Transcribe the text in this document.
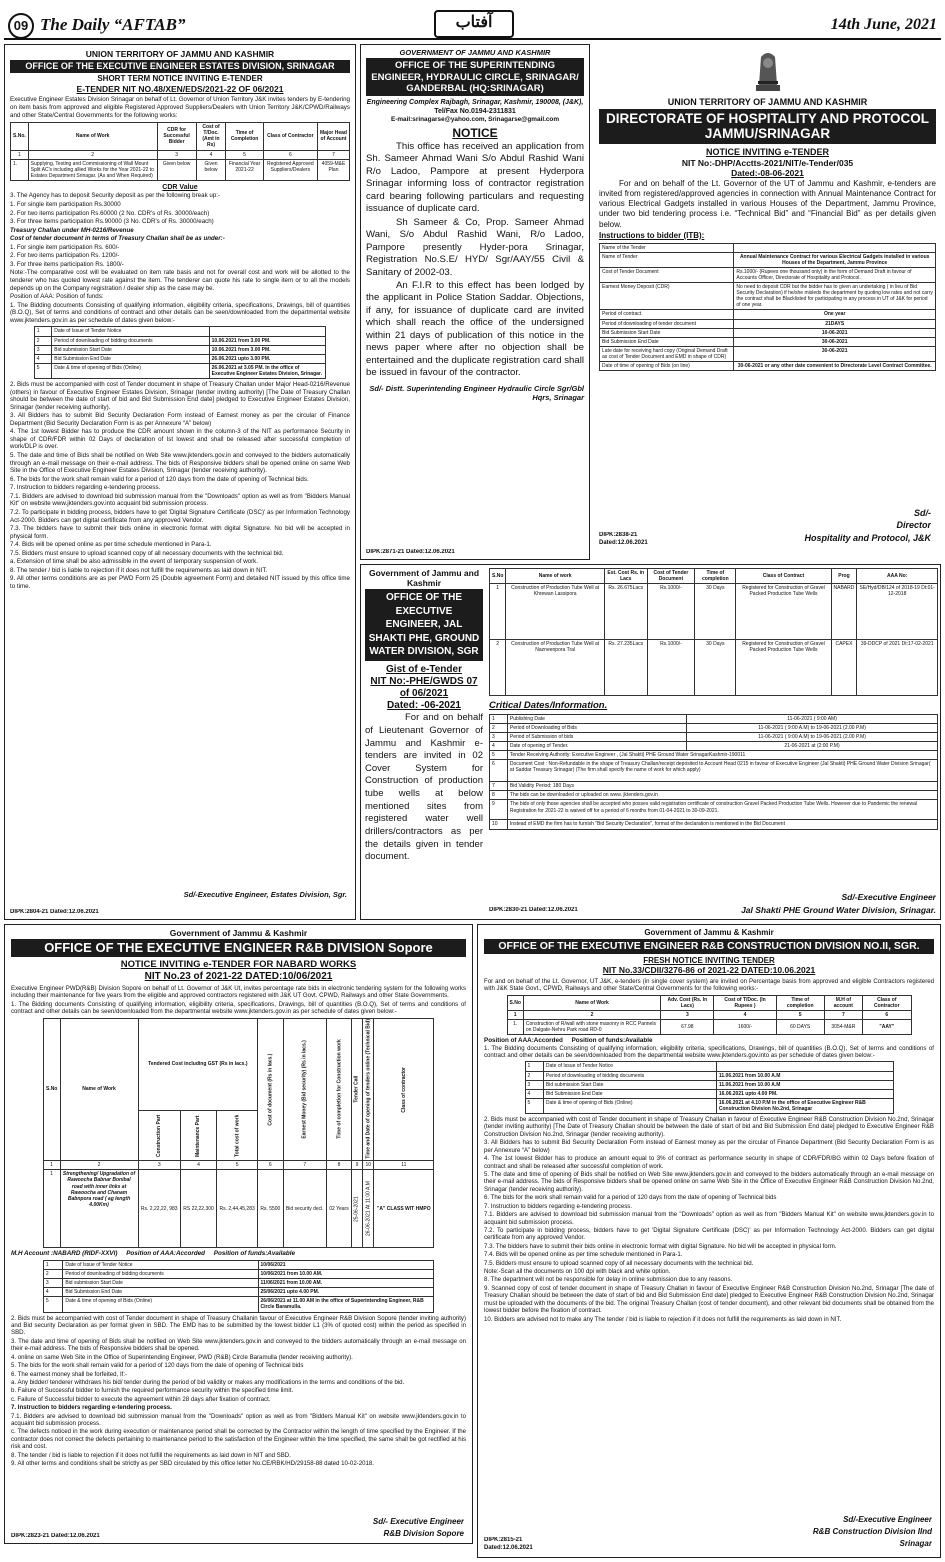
09 The Daily “AFTAB”	آفتاب	14th June, 2021
UNION TERRITORY OF JAMMU AND KASHMIR
OFFICE OF THE EXECUTIVE ENGINEER ESTATES DIVISION, SRINAGAR
SHORT TERM NOTICE INVITING E-TENDER
E-TENDER NIT NO.48/XEN/EDS/2021-22 OF 06/2021
Executive Engineer Estates Division Srinagar on behalf of Lt. Governor of Union Territory J&K invites tenders by E-tendering on item basis from approved and eligible Registered Approved Suppliers/Dealers with Union Territory J&K/CPWD/Railways and other State/Central Governments for the following works:
S.No.	Name of Work	CDR for Successful Bidder	Cost of T/Doc. (Amt in Rs)	Time of Completion	Class of Contractor	Major Head of Account
1	2	3	4	5	6	7
1.	Supplying, Testing and Commissioning of Wall Mount Split AC's including allied Works for the Year 2021-22 to Estates Department Srinagar. (As and When Required)	Given below	Given below	Financial Year 2021-22	Registered Approved Suppliers/Dealers	4059-M&E Plan
CDR Value
3. The Agency has to deposit Security deposit as per the following break up:-
1. For single item participation Rs.30000
2. For two items participation Rs.60000 (2 No. CDR's of Rs. 30000/each)
3. For three items participation Rs.90000 (3 No. CDR's of Rs. 30000/each)
Treasury Challan under MH-0216/Revenue
Cost of tender document in terms of Treasury Challan shall be as under:-
1. For single item participation Rs. 600/-
2. For two items participation Rs. 1200/-
3. For three items participation Rs. 1800/-
Note:-The comparative cost will be evaluated on item rate basis and not for overall cost and work will be allotted to the tenderer who has quoted lowest rate against the item. The tenderer can quote his rate to single item or to all the models depends up on the Company registration / dealer ship as the case may be.
Position of AAA: Position of funds:
1. The Bidding documents Consisting of qualifying information, eligibility criteria, specifications, Drawings, bill of quantities (B.O.Q), Set of terms and conditions of contract and other details can be seen/downloaded from the departmental website www.jktenders.gov.in as per schedule of dates given below:-
1	Date of Issue of Tender Notice	
2	Period of downloading of bidding documents	10.06.2021 from 3.00 PM.
3	Bid submission Start Date	10.06.2021 from 3.00 PM.
4	Bid Submission End Date	26.06.2021 upto 3.00 PM.
5	Date & time of opening of Bids (Online)	26.06.2021 at 3.05 PM. In the office of Executive Engineer Estates Division, Srinagar.
2. Bids must be accompanied with cost of Tender document in shape of Treasury Challan under Major Head-0216/Revenue (others) in favour of Executive Engineer Estates Division, Srinagar (tender inviting authority) [The Date of Treasury Challan should be between the date of start of bid and Bid Submission End date] pledged to Executive Engineer Estates Division, Srinagar (tender receiving authority).
3. All Bidders has to submit Bid Security Declaration Form instead of Earnest money as per the circular of Finance Department (Bid Security Declaration Form is as per Annexure “A” below)
4. The 1st lowest Bidder has to produce the CDR amount shown in the column-3 of the NIT as performance Security in shape of CDR/FDR within 02 Days of declaration of Ist lowest and shall be released after successful completion of work/DLP is over.
5. The date and time of Bids shall be notified on Web Site www.jktenders.gov.in and conveyed to the bidders automatically through an e-mail message on their e-mail address. The bids of Responsive bidders shall be opened online on same Web Site in the Office of Executive Engineer Estates Division, Srinagar (tender receiving authority).
6. The bids for the work shall remain valid for a period of 120 days from the date of opening of Technical bids.
7. Instruction to bidders regarding e-tendering process.
7.1. Bidders are advised to download bid submission manual from the "Downloads" option as well as from "Bidders Manual Kit" on website www.jktenders.gov.into acquaint bid submission process.
7.2. To participate in bidding process, bidders have to get 'Digital Signature Certificate (DSC)' as per Information Technology Act-2000. Bidders can get digital certificate from any approved Vendor.
7.3. The bidders have to submit their bids online in electronic format with digital Signature. No bid will be accepted in physical form.
7.4. Bids will be opened online as per time schedule mentioned in Para-1.
7.5. Bidders must ensure to upload scanned copy of all necessary documents with the technical bid.
a. Extension of time shall be also admissible in the event of temporary suspension of work.
8. The tender / bid is liable to rejection if it does not fulfill the requirements as laid down in NIT.
9. All other terms conditions are as per PWD Form 25 (Double agreement Form) and detailed NIT issued by this office time to time.
Sd/-Executive Engineer, Estates Division, Sgr.
DIPK:2804-21 Dated:12.06.2021
GOVERNMENT OF JAMMU AND KASHMIR
OFFICE OF THE SUPERINTENDING ENGINEER, HYDRAULIC CIRCLE, SRINAGAR/ GANDERBAL (HQ:SRINAGAR)
Engineering Complex Rajbagh, Srinagar, Kashmir, 190008, (J&K),
Tel/Fax No.0194-2311831
E-mail:srinagarse@yahoo.com, Srinagarse@gmail.com
NOTICE
This office has received an application from Sh. Sameer Ahmad Wani S/o Abdul Rashid Wani R/o Ladoo, Pampore at present Hyderpora Srinagar informing loss of contractor registration card bearing following particulars and requesting issuance of duplicate card.
Sh Sameer & Co, Prop. Sameer Ahmad Wani, S/o Abdul Rashid Wani, R/o Ladoo, Pampore presently Hyder-pora Srinagar, Registration No.S.E/ HYD/ Sgr/AAY/55 Civil & Sanitary of 2002-03.
An F.I.R to this effect has been lodged by the applicant in Police Station Saddar. Objections, if any, for issuance of duplicate card are invited which shall reach the office of the undersigned within 21 days of publication of this notice in the news paper where after no objection shall be entertained and the duplicate registration card shall be issued in favour of the contractor.
Sd/- Distt. Superintending Engineer Hydraulic Circle Sgr/Gbl Hqrs, Srinagar
DIPK:2871-21 Dated:12.06.2021
UNION TERRITORY OF JAMMU AND KASHMIR
DIRECTORATE OF HOSPITALITY AND PROTOCOL JAMMU/SRINAGAR
NOTICE INVITING e-TENDER
NIT No:-DHP/Acctts-2021/NIT/e-Tender/035
Dated:-08-06-2021
For and on behalf of the Lt. Governor of the UT of Jammu and Kashmir, e-tenders are invited from registered/approved agencies in connection with Annual Maintenance Contract for various Electrical Gadgets installed in various Houses of the Department, Jammu Province, under two bid tendering process i.e. “Technical Bid” and “Financial Bid” as per details given below.
Instructions to bidder (ITB):
Name of the Tender	
Name of Tender	Annual Maintenance Contract for various Electrical Gadgets installed in various Houses of the Department, Jammu Province
Cost of Tender Document	Rs.1000/- (Rupees one thousand only) in the form of Demand Draft in favour of Accounts Officer, Directorate of Hospitality and Protocol.
Earnest Money Deposit (CDR)	No need to deposit CDR but the bidder has to given an undertaking ( in lieu of Bid Security Declaration) if he/she misleds the department by quoting low rates and not carry the contract shall be Blacklisted for participating in any process in UT of J&K for period of one year.
Period of contract	One year
Period of downloading of tender document	21DAYS
Bid Submission Start Date	10-06-2021
Bid Submission End Date	30-06-2021
Late date for receiving hard copy (Original Demand Draft as cost of Tender Document and EMD in shape of CDR)	30-06-2021
Date of time of opening of Bids (on line)	30-06-2021 or any other date convenient to Directorate Level Contract Committee.
Sd/-
Director
Hospitality and Protocol, J&K
DIPK:2838-21 Dated:12.06.2021
Government of Jammu and Kashmir
OFFICE OF THE EXECUTIVE ENGINEER, JAL SHAKTI PHE, GROUND WATER DIVISION, SGR
Gist of e-Tender
NIT No:-PHE/GWDS 07 of 06/2021
Dated: -06-2021
For and on behalf of Lieutenant Governor of Jammu and Kashmir e-tenders are invited in 02 Cover System for Construction of production tube wells at below mentioned sites from registered water well drillers/contractors as per the details given in tender document.
S.No	Name of work	Est. Cost Rs. in Lacs	Cost of Tender Document	Time of completion	Class of Contract	Prog	AAA No:
1	Construction of Production Tube Well at Khrewan Lassipora	Rs. 26.675Lacs	Rs.1000/-	30 Days	Registered for Construction of Gravel Packed Production Tube Wells	NABARD	SE/Hyd/DB/124 of 2018-19 Dt:01-12-2018
2	Construction of Production Tube Well at Nazneenpora Tral	Rs. 27.235Lacs	Rs.1000/-	30 Days	Registered for Construction of Gravel Packed Production Tube Wells	CAPEX	39-DDCP of 2021 Dt:17-02-2021
Critical Dates/Information.
1	Publishing Date	11-06-2021 ( 9:00 AM)
2	Period of Downloading of Bids	11-06-2021 ( 9:00 A.M) to 19-06-2021 (2.00 P.M)
3	Period of Submission of bids	11-06-2021 ( 9:00 A.M) to 19-06-2021 (2.00 P.M)
4	Date of opening of Tender.	21-06-2021 at (2:00 P.M)
5	Tender Receiving Authority: Executive Engineer , (Jal Shakti) PHE Ground Water SrinagarKashmir-190011	
6	Document Cost : Non-Refundable in the shape of Treasury Challan/receipt deposited to Account Head 0215 in favour of Executive Engineer (Jal Shakti) PHE Ground Water Division Srinagar( at Saddar Treasury Srinagar) (The firm shall specify the name of work for which apply)	
7	Bid Validity Period: 180 Days	
8	The bids can be downloaded or uploaded on www. jktenders.gov.in	
9	The bids of only those agencies shall be accepted who posses valid registration certificate of construction Gravel Packed Production Tube Wells. However due to Pandemic the renewal Registration for 2021-22 is waived off for a period of 6 months from 01-04-2021 to 30-09-2021.	
10	Instead of EMD the firm has to furnish "Bid Security Declaration", format of the declaration is mentioned in the Bid Document	
Sd/-Executive Engineer
Jal Shakti PHE Ground Water Division, Srinagar.
DIPK:2830-21 Dated:12.06.2021
Government of Jammu & Kashmir
OFFICE OF THE EXECUTIVE ENGINEER R&B DIVISION Sopore
NOTICE INVITING e-TENDER FOR NABARD WORKS
NIT No.23 of 2021-22 DATED:10/06/2021
Executive Engineer PWD(R&B) Division Sopore on behalf of Lt. Governor of J&K Ut, invites percentage rate bids in electronic tendering system for the following works including their maintenance for five years from the eligible and approved contractors registered with J&K UT Govt. CPWD, Railways and other State Governments.
1. The Bidding documents Consisting of qualifying information, eligibility criteria, specifications, Drawings, bill of quantities (B.O.Q), Set of terms and conditions of contract and other details can be seen/downloaded from the departmental website www.jktenders.gov.in as per schedule of dates given below:-
S.No	Name of Work	Tendered Cost including GST (Rs in lacs.)			Cost of document (Rs in lacs.)	Earnest Money (Bid security) (Rs in lacs.)	Time of completion for Construction work	Tender Call	Time and Date of opening of tenders online (Technical Bid)	Class of contractor
		Construction Part	Maintenance Part	Total cost of work						
1	2	3	4	5	6	7	8	9	10	11
1	Strengthening/ Upgradation of Rawoocha Babnar Bonibal road with inner links at Rawoocha and Chanam Babnpora road ( ag length 4.00Km)	Rs. 2,22,22, 983	RS 22,22,300	Rs. 2,44,45,283	Rs. 5500	Bid security decl.	02 Years	25-06-2021	26-06-2021 At 11:00 A.M	"A" CLASS WIT HMPO
M.H Account :NABARD (RIDF-XXVI)     Position of AAA:Accorded     Position of funds:Available
1	Date of Issue of Tender Notice	10/06/2021
2	Period of downloading of bidding documents	10/06/2021 from 10.00 AM.
3	Bid submission Start Date	11/06/2021 from 10.00 AM.
4	Bid Submission End Date	25/06/2021 upto 4.00 PM.
5	Date & time of opening of Bids (Online)	26/06/2021 at 11.00 AM in the office of Superintending Engineer, R&B Circle Baramulla.
2. Bids must be accompanied with cost of Tender document in shape of Treasury Challanin favour of Executive Engineer R&B Division Sopore (tender inviting authority) and Bid security Declaration as per format given in SBD. The EMD has to be submitted by the lowest bidder L1 (3% of quoted cost) within the period as specified in SBD.
3. The date and time of opening of Bids shall be notified on Web Site www.jktenders.gov.in and conveyed to the bidders automatically through an e-mail message on their e-mail address. The bids of Responsive bidders shall be opened.
4. online on same Web Site in the Office of Superintending Engineer, PWD (R&B) Circle Baramulla (tender receiving authority).
5. The bids for the work shall remain valid for a period of 120 days from the date of opening of Technical bids
6. The earnest money shall be forfeited, If:-
a. Any bidder/ tenderer withdraws his bid/ tender during the period of bid validity or makes any modifications in the terms and conditions of the bid.
b. Failure of Successful bidder to furnish the required performance security within the specified time limit.
c. Failure of Successful bidder to execute the agreement within 28 days after fixation of contract.
7. Instruction to bidders regarding e-tendering process.
7.1. Bidders are advised to download bid submission manual from the "Downloads" option as well as from "Bidders Manual Kit" on website www.jktenders.gov.in to acquaint bid submission process.
c. The defects noticed in the work during execution or maintenance period shall be corrected by the Contractor within the length of time specified by the Engineer. If the contractor does not correct the defects pertaining to maintenance period to the satisfaction of the Engineer within the time specified, the same shall be got rectified at his risk and cost.
8. The tender / bid is liable to rejection if it does not fulfill the requirements as laid down in NIT and SBD.
9. All other terms and conditions shall be strictly as per SBD circulated by this office letter No.CE/RBK/HD/29158-88 dated 10-02-2018.
Sd/- Executive Engineer
R&B Division Sopore
DIPK:2823-21 Dated:12.06.2021
Government of Jammu & Kashmir
OFFICE OF THE EXECUTIVE ENGINEER R&B CONSTRUCTION DIVISION NO.II, SGR.
FRESH NOTICE INVITING TENDER
NIT No.33/CDII/3276-86 of 2021-22 DATED:10.06.2021
For and on behalf of the Lt. Governor, UT J&K, e-tenders (in single cover system) are invited on Percentage basis from approved and eligible Contractors registered with J&K State Govt., CPWD, Railways and other State/Central Governments for the following works:-
S.No	Name of Work	Adv. Cost (Rs. In Lacs)	Cost of T/Doc. (In Rupees )	Time of completion	M.H of account	Class of Contractor
1	2	3	4	5	7	6
1.	Construction of R/wall with stone masonry in RCC Pannels on Dalgate-Nehru Park road RD-0	67.98	1600/-	60 DAYS	3054-M&R	"AAY"
Position of AAA:Accorded     Position of funds:Available
1. The Bidding documents Consisting of qualifying information, eligibility criteria, specifications, Drawings, bill of quantities (B.O.Q), Set of terms and conditions of contract and other details can be seen/downloaded from the departmental website www.jktenders.gov.into as per schedule of dates given below:-
1	Date of Issue of Tender Notice	
2	Period of downloading of bidding documents	11.06.2021 from 10.00 A.M
3	Bid submission Start Date	11.06.2021 from 10.00 A.M
4	Bid Submission End Date	16.06.2021 upto 4.00 PM.
5	Date & time of opening of Bids (Online)	16.06.2021 at 4.10 P.M in the office of Executive Engineer R&B Construction Division No.2nd, Srinagar
2. Bids must be accompanied with cost of Tender document in shape of Treasury Challan in favour of Executive Engineer R&B Construction Division No.2nd, Srinagar (tender inviting authority) [The Date of Treasury Challan should be between the date of start of bid and Bid Submission End date] pledged to Executive Engineer R&B Construction Division No.2nd, Srinagar (tender receiving authority).
3. All Bidders has to submit Bid Security Declaration Form instead of Earnest money as per the circular of Finance Department (Bid Security Declaration Form is as per Annexure “A” below)
4. The 1st lowest Bidder has to produce an amount equal to 3% of contract as performance security in shape of CDR/FDR/BG within 02 Days before fixation of contract and shall be released after successful completion of work.
5. The date and time of opening of Bids shall be notified on Web Site www.jktenders.gov.in and conveyed to the bidders automatically through an e-mail message on their e-mail address. The bids of Responsive bidders shall be opened online on same Web Site in the Office of Executive Engineer R&B Construction Division No.2nd, Srinagar (tender receiving authority).
6. The bids for the work shall remain valid for a period of 120 days from the date of opening of Technical bids
7. Instruction to bidders regarding e-tendering process.
7.1. Bidders are advised to download bid submission manual from the "Downloads" option as well as from "Bidders Manual Kit" on website www.jktenders.gov.in to acquaint bid submission process.
7.2. To participate in bidding process, bidders have to get 'Digital Signature Certificate (DSC)' as per Information Technology Act-2000. Bidders can get digital certificate from any approved Vendor.
7.3. The bidders have to submit their bids online in electronic format with digital Signature. No bid will be accepted in physical form.
7.4. Bids will be opened online as per time schedule mentioned in Para-1.
7.5. Bidders must ensure to upload scanned copy of all necessary documents with the technical bid.
Note:-Scan all the documents on 100 dpi with black and white option.
8. The department will not be responsible for delay in online submission due to any reasons.
9. Scanned copy of cost of tender document in shape of Treasury Challan in favour of Executive Engineer R&B Construction Division No.2nd, Srinagar [The date of Treasury Challan should be between the date of start of bid and Bid Submission End date] pledged to Executive Engineer R&B Construction Division No.2nd, Srinagar must be uploaded with the documents of the bid. The original Treasury Challan (cost of tender document), and other relevant bid documents shall be obtained from the lowest bidder before the fixation of contract.
10. Bidders are advised not to make any The tender / bid is liable to rejection if it does not fulfill the requirements as laid down in NIT.
Sd/-Executive Engineer
R&B Construction Division IInd
Srinagar
DIPK:2815-21 Dated:12.06.2021
